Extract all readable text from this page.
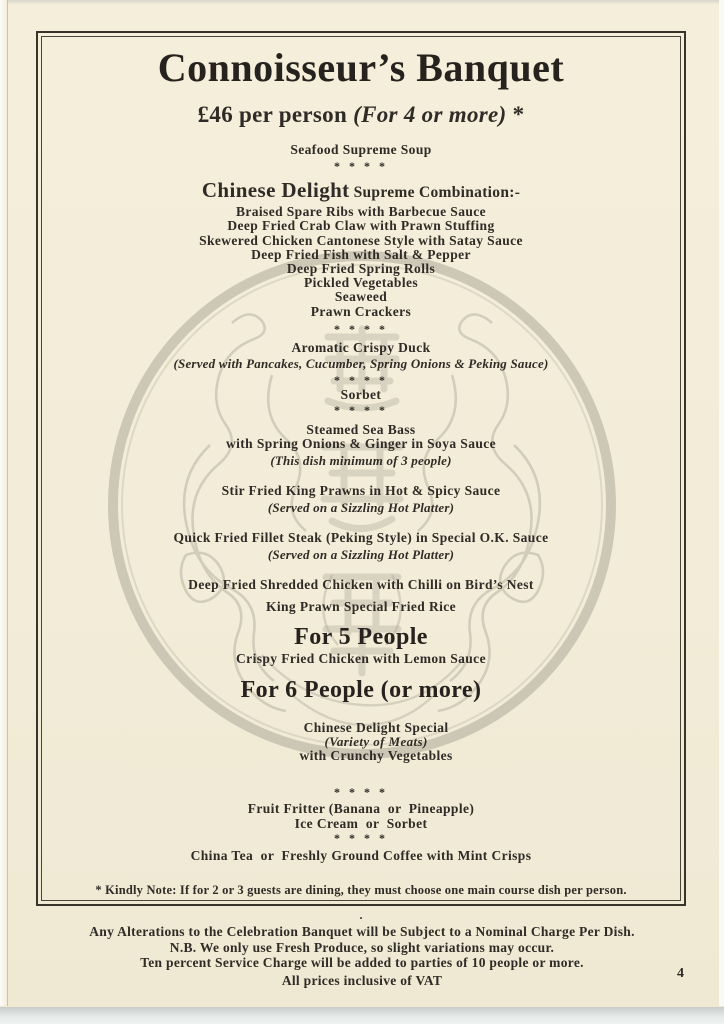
Connoisseur’s Banquet
£46 per person (For 4 or more) *
Seafood Supreme Soup
* * * *
Chinese Delight Supreme Combination:-
Braised Spare Ribs with Barbecue Sauce
Deep Fried Crab Claw with Prawn Stuffing
Skewered Chicken Cantonese Style with Satay Sauce
Deep Fried Fish with Salt & Pepper
Deep Fried Spring Rolls
Pickled Vegetables
Seaweed
Prawn Crackers
* * * *
Aromatic Crispy Duck
(Served with Pancakes, Cucumber, Spring Onions & Peking Sauce)
* * * *
Sorbet
* * * *
Steamed Sea Bass
with Spring Onions & Ginger in Soya Sauce
(This dish minimum of 3 people)
Stir Fried King Prawns in Hot & Spicy Sauce
(Served on a Sizzling Hot Platter)
Quick Fried Fillet Steak (Peking Style) in Special O.K. Sauce
(Served on a Sizzling Hot Platter)
Deep Fried Shredded Chicken with Chilli on Bird’s Nest
King Prawn Special Fried Rice
For 5 People
Crispy Fried Chicken with Lemon Sauce
For 6 People (or more)

Chinese Delight Special
(Variety of Meats)
with Crunchy Vegetables

* * * *
Fruit Fritter (Banana  or  Pineapple)
Ice Cream  or  Sorbet
* * * *
China Tea  or  Freshly Ground Coffee with Mint Crisps
* Kindly Note: If for 2 or 3 guests are dining, they must choose one main course dish per person.
.
Any Alterations to the Celebration Banquet will be Subject to a Nominal Charge Per Dish.
N.B. We only use Fresh Produce, so slight variations may occur.
Ten percent Service Charge will be added to parties of 10 people or more.
All prices inclusive of VAT	4
